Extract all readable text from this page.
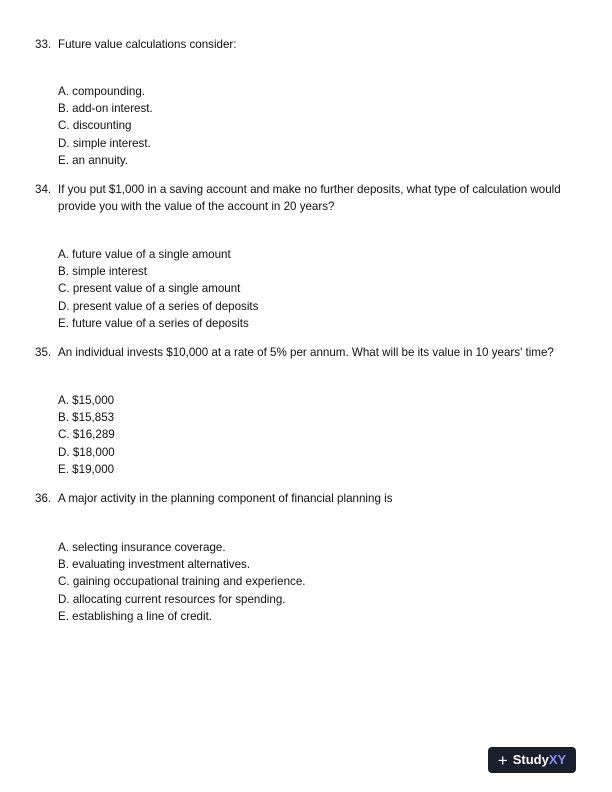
33. Future value calculations consider:
A. compounding.
B. add-on interest.
C. discounting
D. simple interest.
E. an annuity.
34. If you put $1,000 in a saving account and make no further deposits, what type of calculation would provide you with the value of the account in 20 years?
A. future value of a single amount
B. simple interest
C. present value of a single amount
D. present value of a series of deposits
E. future value of a series of deposits
35. An individual invests $10,000 at a rate of 5% per annum. What will be its value in 10 years' time?
A. $15,000
B. $15,853
C. $16,289
D. $18,000
E. $19,000
36. A major activity in the planning component of financial planning is
A. selecting insurance coverage.
B. evaluating investment alternatives.
C. gaining occupational training and experience.
D. allocating current resources for spending.
E. establishing a line of credit.
+ Study XY
